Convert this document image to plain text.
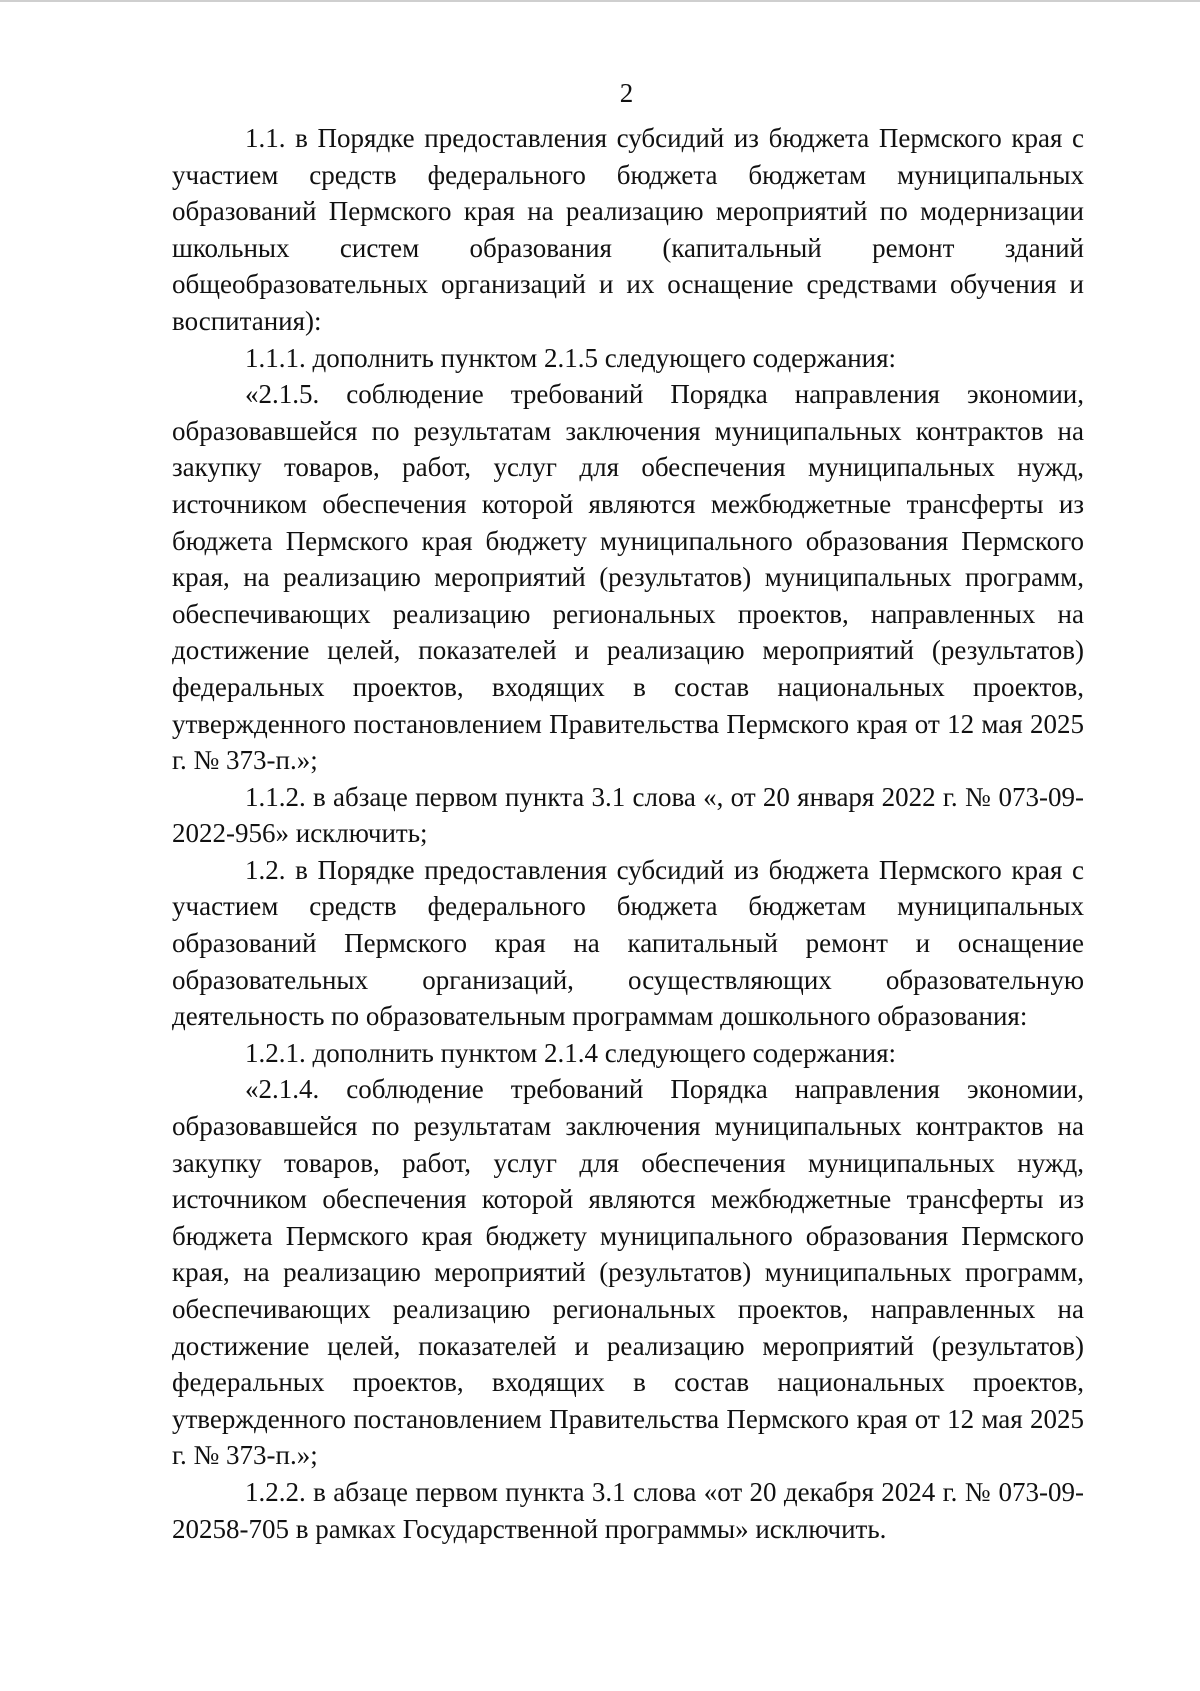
2

1.1. в Порядке предоставления субсидий из бюджета Пермского края с участием средств федерального бюджета бюджетам муниципальных образований Пермского края на реализацию мероприятий по модернизации школьных систем образования (капитальный ремонт зданий общеобразовательных организаций и их оснащение средствами обучения и воспитания):

1.1.1. дополнить пунктом 2.1.5 следующего содержания:

«2.1.5. соблюдение требований Порядка направления экономии, образовавшейся по результатам заключения муниципальных контрактов на закупку товаров, работ, услуг для обеспечения муниципальных нужд, источником обеспечения которой являются межбюджетные трансферты из бюджета Пермского края бюджету муниципального образования Пермского края, на реализацию мероприятий (результатов) муниципальных программ, обеспечивающих реализацию региональных проектов, направленных на достижение целей, показателей и реализацию мероприятий (результатов) федеральных проектов, входящих в состав национальных проектов, утвержденного постановлением Правительства Пермского края от 12 мая 2025 г. № 373-п.»;

1.1.2. в абзаце первом пункта 3.1 слова «, от 20 января 2022 г. № 073-09-2022-956» исключить;

1.2. в Порядке предоставления субсидий из бюджета Пермского края с участием средств федерального бюджета бюджетам муниципальных образований Пермского края на капитальный ремонт и оснащение образовательных организаций, осуществляющих образовательную деятельность по образовательным программам дошкольного образования:

1.2.1. дополнить пунктом 2.1.4 следующего содержания:

«2.1.4. соблюдение требований Порядка направления экономии, образовавшейся по результатам заключения муниципальных контрактов на закупку товаров, работ, услуг для обеспечения муниципальных нужд, источником обеспечения которой являются межбюджетные трансферты из бюджета Пермского края бюджету муниципального образования Пермского края, на реализацию мероприятий (результатов) муниципальных программ, обеспечивающих реализацию региональных проектов, направленных на достижение целей, показателей и реализацию мероприятий (результатов) федеральных проектов, входящих в состав национальных проектов, утвержденного постановлением Правительства Пермского края от 12 мая 2025 г. № 373-п.»;

1.2.2. в абзаце первом пункта 3.1 слова «от 20 декабря 2024 г. № 073-09-20258-705 в рамках Государственной программы» исключить.
